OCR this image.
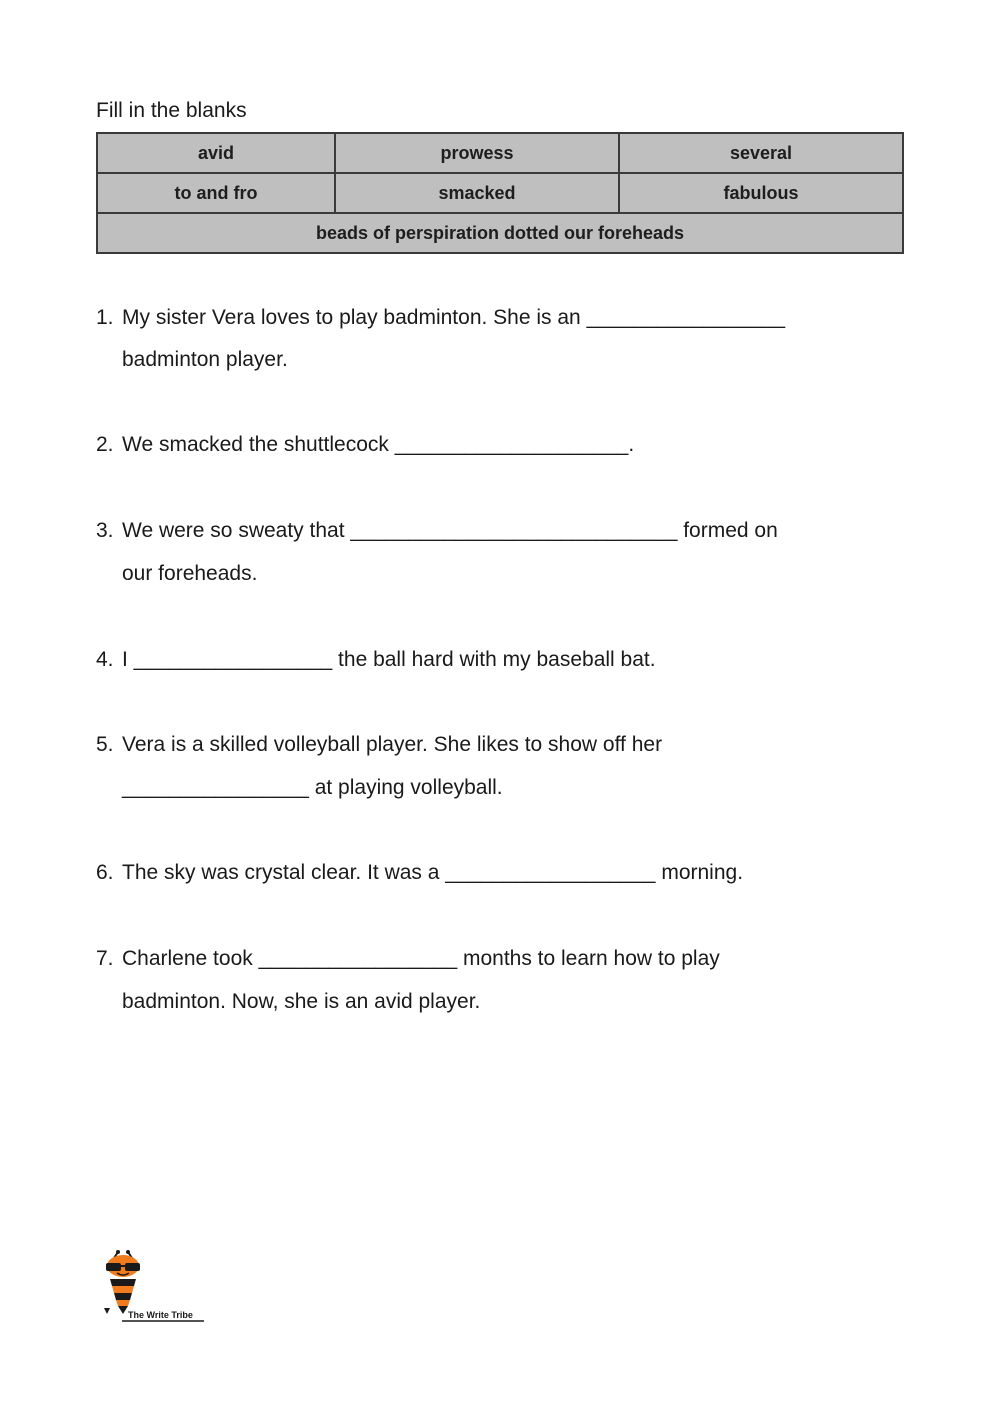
Fill in the blanks
avid	prowess	several
to and fro	smacked	fabulous
beads of perspiration dotted our foreheads		
1. My sister Vera loves to play badminton. She is an _________________
badminton player.
2. We smacked the shuttlecock ____________________.
3. We were so sweaty that ____________________________ formed on
our foreheads.
4. I _________________ the ball hard with my baseball bat.
5. Vera is a skilled volleyball player. She likes to show off her
________________ at playing volleyball.
6. The sky was crystal clear. It was a __________________ morning.
7. Charlene took _________________ months to learn how to play
badminton. Now, she is an avid player.
The Write Tribe
